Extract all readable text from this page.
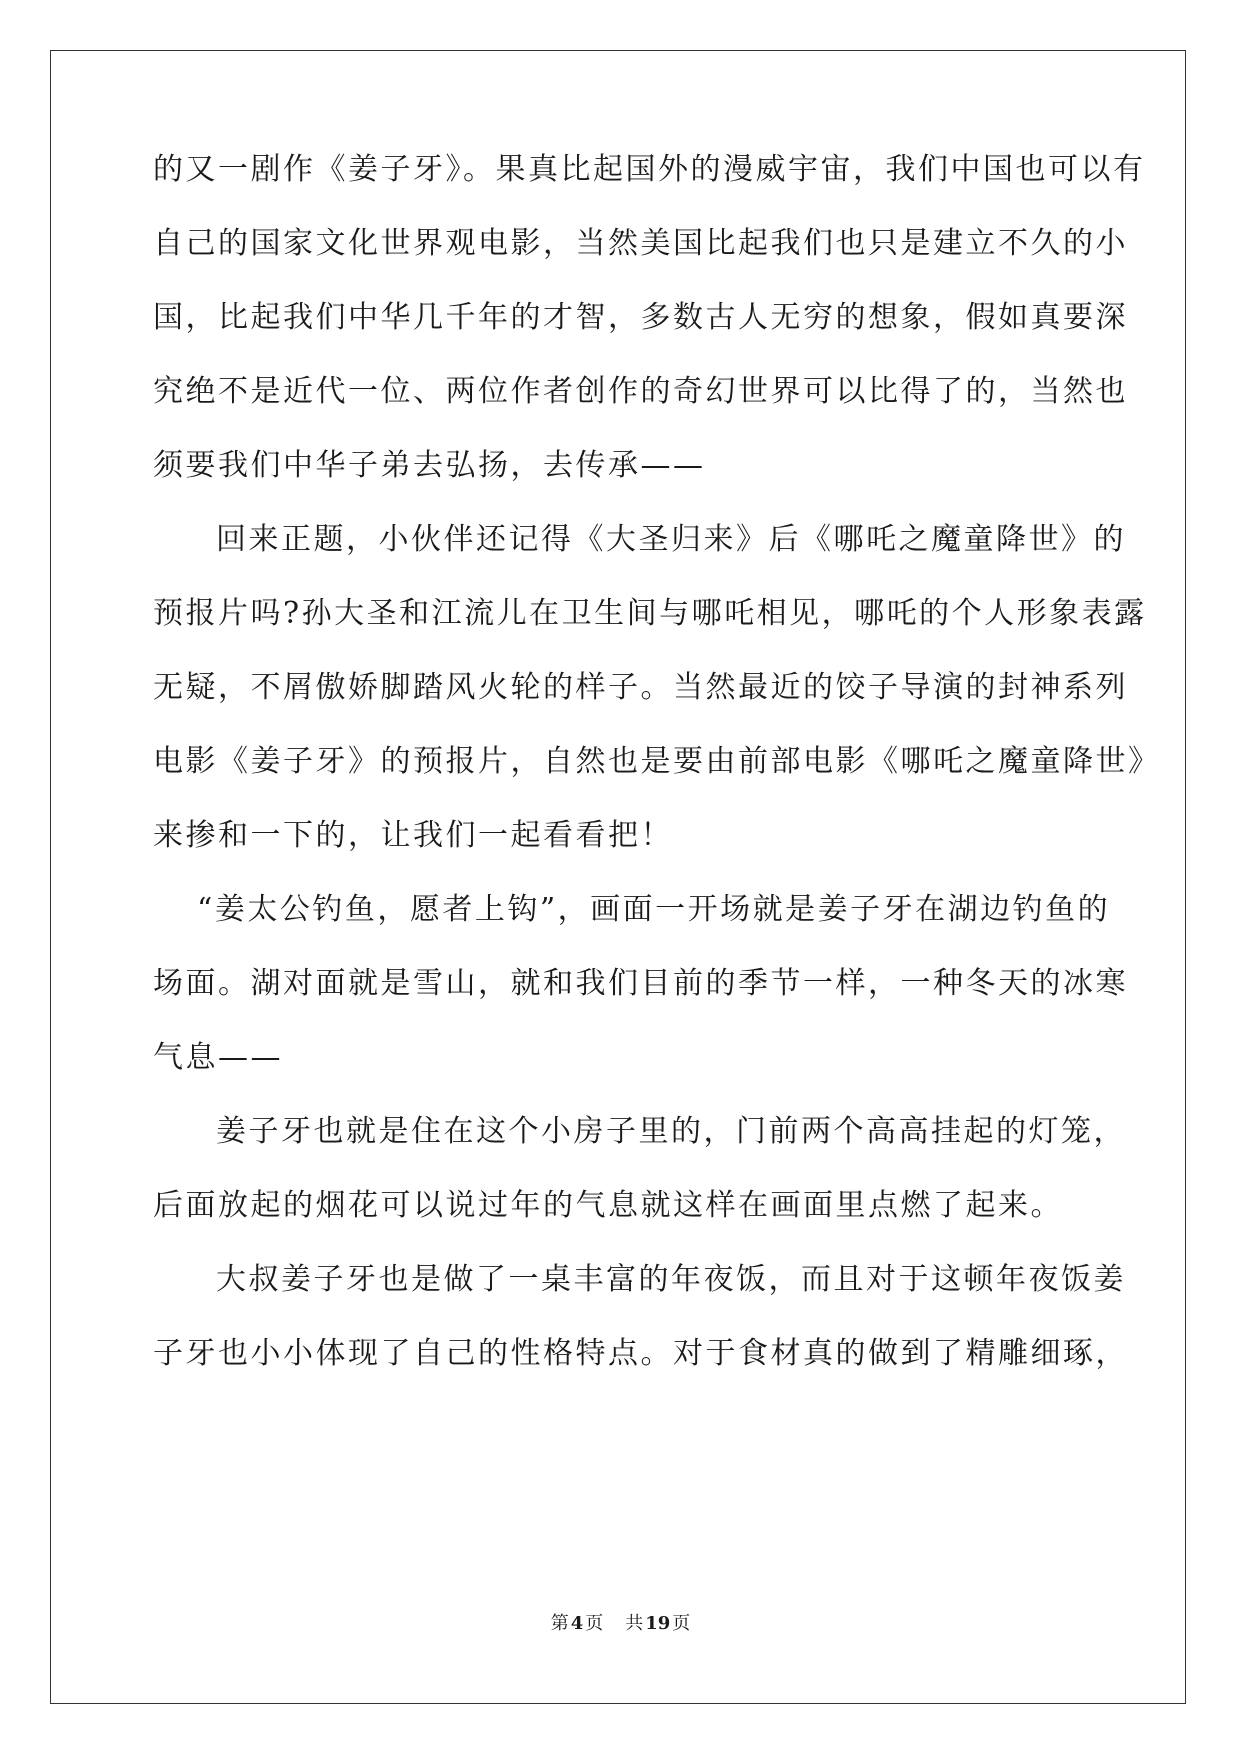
的又一剧作《姜子牙》。果真比起国外的漫威宇宙，我们中国也可以有
自己的国家文化世界观电影，当然美国比起我们也只是建立不久的小
国，比起我们中华几千年的才智，多数古人无穷的想象，假如真要深
究绝不是近代一位、两位作者创作的奇幻世界可以比得了的，当然也
须要我们中华子弟去弘扬，去传承——
回来正题，小伙伴还记得《大圣归来》后《哪吒之魔童降世》的
预报片吗?孙大圣和江流儿在卫生间与哪吒相见，哪吒的个人形象表露
无疑，不屑傲娇脚踏风火轮的样子。当然最近的饺子导演的封神系列
电影《姜子牙》的预报片，自然也是要由前部电影《哪吒之魔童降世》
来掺和一下的，让我们一起看看把！
“姜太公钓鱼，愿者上钩”，画面一开场就是姜子牙在湖边钓鱼的
场面。湖对面就是雪山，就和我们目前的季节一样，一种冬天的冰寒
气息——
姜子牙也就是住在这个小房子里的，门前两个高高挂起的灯笼，
后面放起的烟花可以说过年的气息就这样在画面里点燃了起来。
大叔姜子牙也是做了一桌丰富的年夜饭，而且对于这顿年夜饭姜
子牙也小小体现了自己的性格特点。对于食材真的做到了精雕细琢，
第 4 页 共 19 页
